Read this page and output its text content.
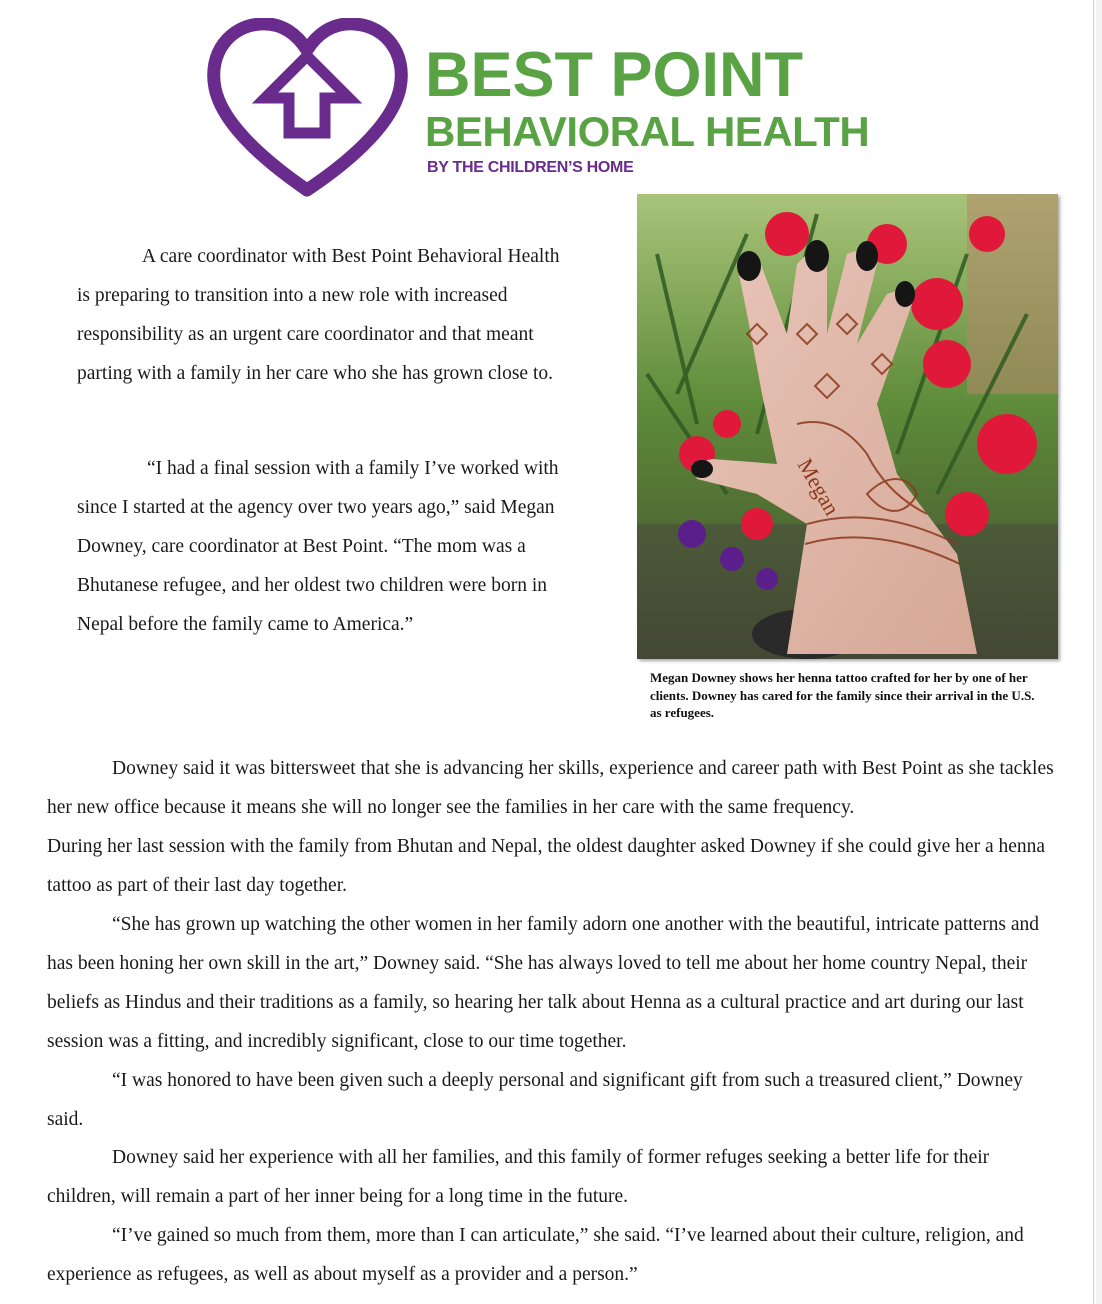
BEST POINT
BEHAVIORAL HEALTH
BY THE CHILDREN’S HOME
Megan
Megan Downey shows her henna tattoo crafted for her by one of her clients. Downey has cared for the family since their arrival in the U.S. as refugees.

A care coordinator with Best Point Behavioral Health is preparing to transition into a new role with increased responsibility as an urgent care coordinator and that meant parting with a family in her care who she has grown close to.

“I had a final session with a family I’ve worked with since I started at the agency over two years ago,” said Megan Downey, care coordinator at Best Point. “The mom was a Bhutanese refugee, and her oldest two children were born in Nepal before the family came to America.”

Downey said it was bittersweet that she is advancing her skills, experience and career path with Best Point as she tackles her new office because it means she will no longer see the families in her care with the same frequency.

During her last session with the family from Bhutan and Nepal, the oldest daughter asked Downey if she could give her a henna tattoo as part of their last day together.

“She has grown up watching the other women in her family adorn one another with the beautiful, intricate patterns and has been honing her own skill in the art,” Downey said. “She has always loved to tell me about her home country Nepal, their beliefs as Hindus and their traditions as a family, so hearing her talk about Henna as a cultural practice and art during our last session was a fitting, and incredibly significant, close to our time together.

“I was honored to have been given such a deeply personal and significant gift from such a treasured client,” Downey said.

Downey said her experience with all her families, and this family of former refuges seeking a better life for their children, will remain a part of her inner being for a long time in the future.

“I’ve gained so much from them, more than I can articulate,” she said. “I’ve learned about their culture, religion, and experience as refugees, as well as about myself as a provider and a person.”
